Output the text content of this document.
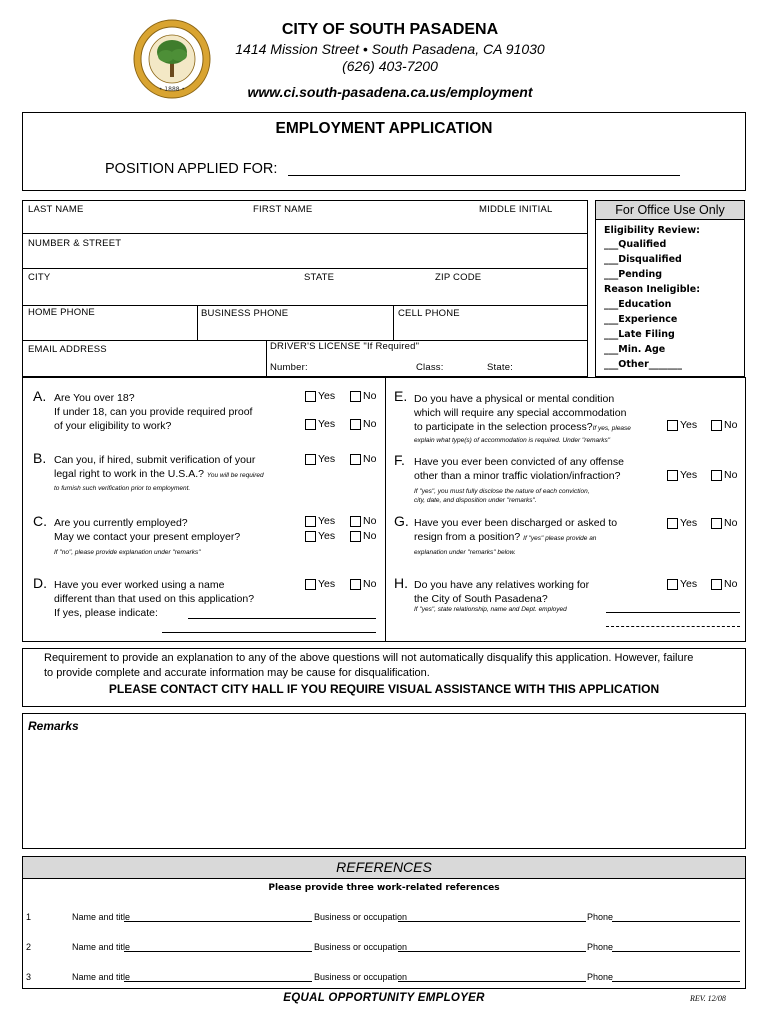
• 1888 •
CITY OF SOUTH PASADENA
1414 Mission Street • South Pasadena, CA 91030
(626) 403-7200
www.ci.south-pasadena.ca.us/employment
EMPLOYMENT APPLICATION
POSITION APPLIED FOR:
LAST NAME	FIRST NAME	MIDDLE INITIAL
NUMBER & STREET
CITY	STATE	ZIP CODE
HOME PHONE	BUSINESS PHONE	CELL PHONE
EMAIL ADDRESS	DRIVER'S LICENSE "If Required"
Number:	Class:	State:
For Office Use Only
Eligibility Review:
___Qualified
___Disqualified
___Pending
Reason Ineligible:
___Education
___Experience
___Late Filing
___Min. Age
___Other_______
A. Are You over 18?
If under 18, can you provide required proof
of your eligibility to work?
Yes	No
Yes	No
B. Can you, if hired, submit verification of your
legal right to work in the U.S.A.? You will be required
to furnish such verification prior to employment.
Yes	No
C. Are you currently employed?
May we contact your present employer?
If "no", please provide explanation under "remarks"
Yes	No
Yes	No
D. Have you ever worked using a name
different than that used on this application?
If yes, please indicate:
Yes	No
E. Do you have a physical or mental condition
which will require any special accommodation
to participate in the selection process?If yes, please
explain what type(s) of accommodation is required. Under "remarks"
Yes	No
F. Have you ever been convicted of any offense
other than a minor traffic violation/infraction?
If "yes", you must fully disclose the nature of each conviction,
city, date, and disposition under "remarks".
Yes	No
G. Have you ever been discharged or asked to
resign from a position? If "yes" please provide an
explanation under "remarks" below.
Yes	No
H. Do you have any relatives working for
the City of South Pasadena?
If "yes", state relationship, name and Dept. employed
Yes	No
Requirement to provide an explanation to any of the above questions will not automatically disqualify this application. However, failure
to provide complete and accurate information may be cause for disqualification.
PLEASE CONTACT CITY HALL IF YOU REQUIRE VISUAL ASSISTANCE WITH THIS APPLICATION
Remarks
REFERENCES
Please provide three work-related references
1	Name and title	Business or occupation	Phone
2	Name and title	Business or occupation	Phone
3	Name and title	Business or occupation	Phone
EQUAL OPPORTUNITY EMPLOYER	REV. 12/08
